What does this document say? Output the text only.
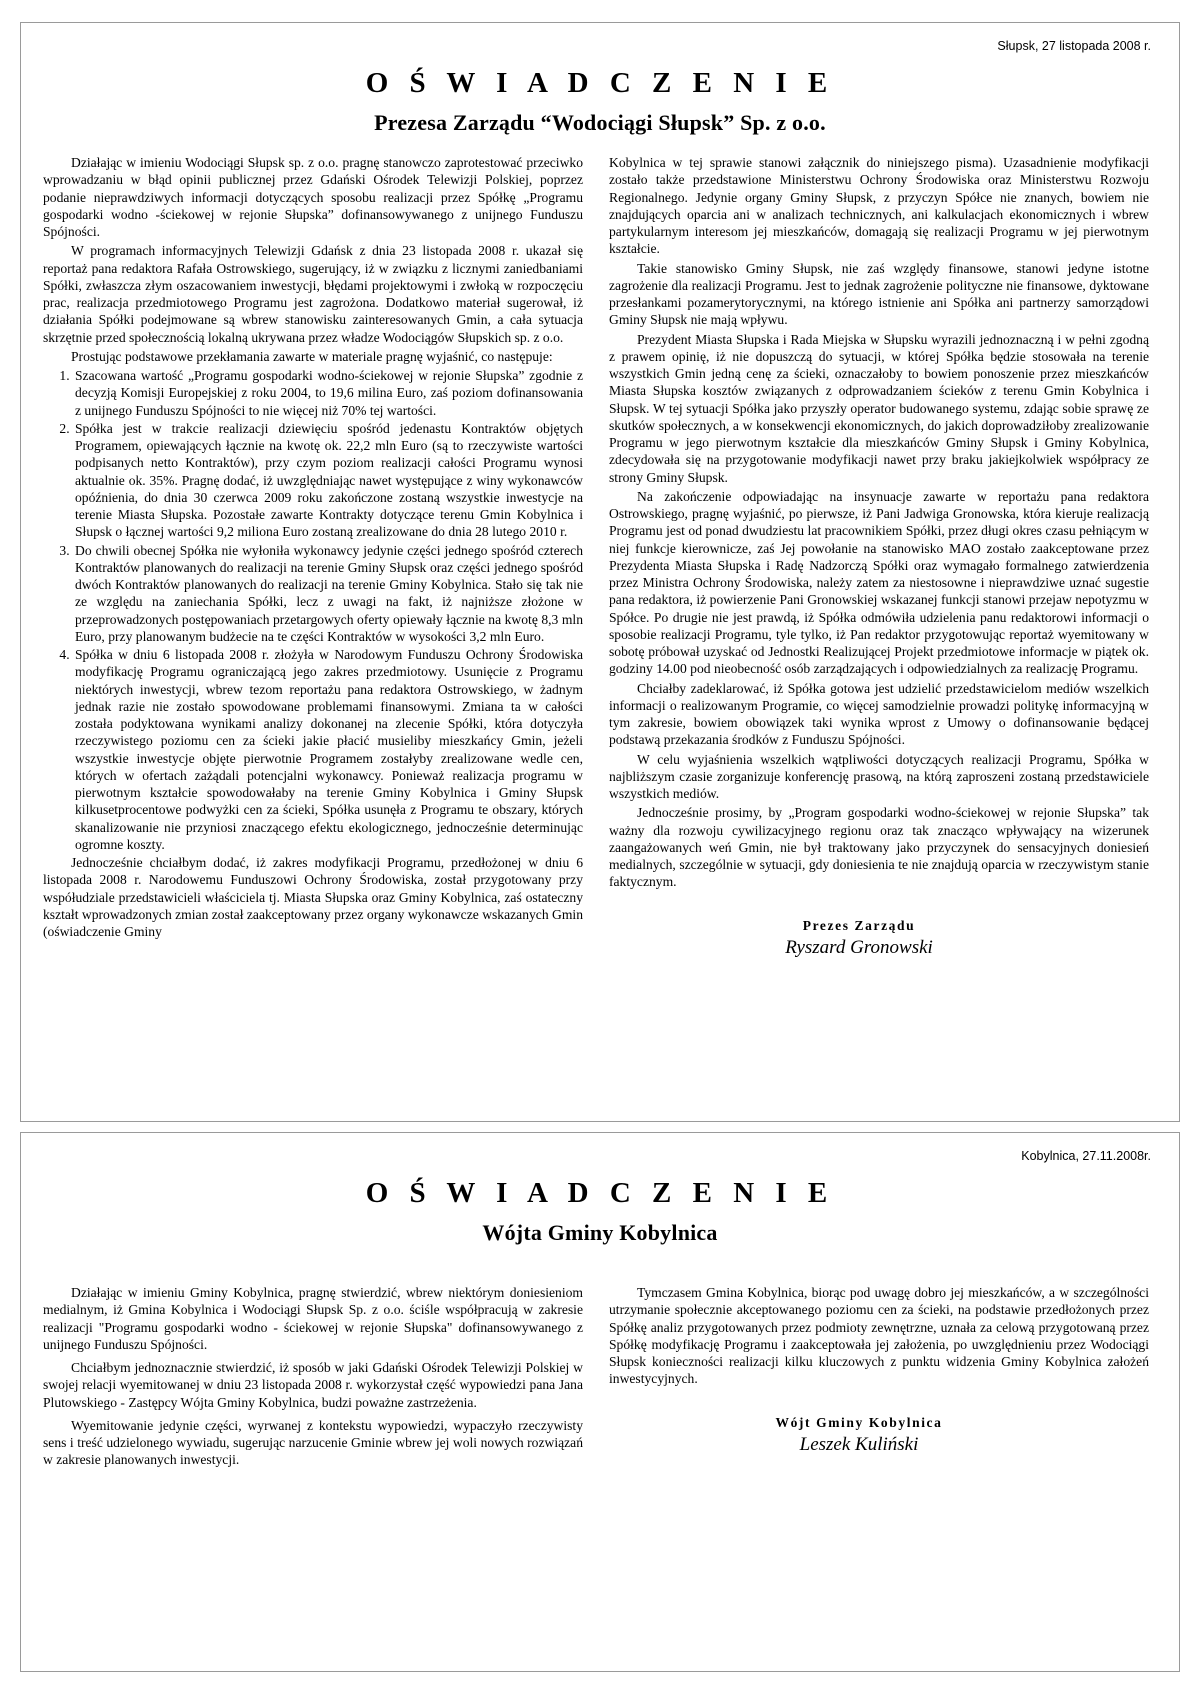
Słupsk, 27 listopada 2008 r.
O Ś W I A D C Z E N I E
Prezesa Zarządu “Wodociągi Słupsk” Sp. z o.o.

Działając w imieniu Wodociągi Słupsk sp. z o.o. pragnę stanowczo zaprotestować przeciwko wprowadzaniu w błąd opinii publicznej przez Gdański Ośrodek Telewizji Polskiej, poprzez podanie nieprawdziwych informacji dotyczących sposobu realizacji przez Spółkę „Programu gospodarki wodno -ściekowej w rejonie Słupska” dofinansowywanego z unijnego Funduszu Spójności.

W programach informacyjnych Telewizji Gdańsk z dnia 23 listopada 2008 r. ukazał się reportaż pana redaktora Rafała Ostrowskiego, sugerujący, iż w związku z licznymi zaniedbaniami Spółki, zwłaszcza złym oszacowaniem inwestycji, błędami projektowymi i zwłoką w rozpoczęciu prac, realizacja przedmiotowego Programu jest zagrożona. Dodatkowo materiał sugerował, iż działania Spółki podejmowane są wbrew stanowisku zainteresowanych Gmin, a cała sytuacja skrzętnie przed społecznością lokalną ukrywana przez władze Wodociągów Słupskich sp. z o.o.

Prostując podstawowe przekłamania zawarte w materiale pragnę wyjaśnić, co następuje:

1. Szacowana wartość „Programu gospodarki wodno-ściekowej w rejonie Słupska” zgodnie z decyzją Komisji Europejskiej z roku 2004, to 19,6 milina Euro, zaś poziom dofinansowania z unijnego Funduszu Spójności to nie więcej niż 70% tej wartości.
2. Spółka jest w trakcie realizacji dziewięciu spośród jedenastu Kontraktów objętych Programem, opiewających łącznie na kwotę ok. 22,2 mln Euro (są to rzeczywiste wartości podpisanych netto Kontraktów), przy czym poziom realizacji całości Programu wynosi aktualnie ok. 35%. Pragnę dodać, iż uwzględniając nawet występujące z winy wykonawców opóźnienia, do dnia 30 czerwca 2009 roku zakończone zostaną wszystkie inwestycje na terenie Miasta Słupska. Pozostałe zawarte Kontrakty dotyczące terenu Gmin Kobylnica i Słupsk o łącznej wartości 9,2 miliona Euro zostaną zrealizowane do dnia 28 lutego 2010 r.
3. Do chwili obecnej Spółka nie wyłoniła wykonawcy jedynie części jednego spośród czterech Kontraktów planowanych do realizacji na terenie Gminy Słupsk oraz części jednego spośród dwóch Kontraktów planowanych do realizacji na terenie Gminy Kobylnica. Stało się tak nie ze względu na zaniechania Spółki, lecz z uwagi na fakt, iż najniższe złożone w przeprowadzonych postępowaniach przetargowych oferty opiewały łącznie na kwotę 8,3 mln Euro, przy planowanym budżecie na te części Kontraktów w wysokości 3,2 mln Euro.
4. Spółka w dniu 6 listopada 2008 r. złożyła w Narodowym Funduszu Ochrony Środowiska modyfikację Programu ograniczającą jego zakres przedmiotowy. Usunięcie z Programu niektórych inwestycji, wbrew tezom reportażu pana redaktora Ostrowskiego, w żadnym jednak razie nie zostało spowodowane problemami finansowymi. Zmiana ta w całości została podyktowana wynikami analizy dokonanej na zlecenie Spółki, która dotyczyła rzeczywistego poziomu cen za ścieki jakie płacić musieliby mieszkańcy Gmin, jeżeli wszystkie inwestycje objęte pierwotnie Programem zostałyby zrealizowane wedle cen, których w ofertach zażądali potencjalni wykonawcy. Ponieważ realizacja programu w pierwotnym kształcie spowodowałaby na terenie Gminy Kobylnica i Gminy Słupsk kilkusetprocentowe podwyżki cen za ścieki, Spółka usunęła z Programu te obszary, których skanalizowanie nie przyniosi znaczącego efektu ekologicznego, jednocześnie determinując ogromne koszty.

Jednocześnie chciałbym dodać, iż zakres modyfikacji Programu, przedłożonej w dniu 6 listopada 2008 r. Narodowemu Funduszowi Ochrony Środowiska, został przygotowany przy współudziale przedstawicieli właściciela tj. Miasta Słupska oraz Gminy Kobylnica, zaś ostateczny kształt wprowadzonych zmian został zaakceptowany przez organy wykonawcze wskazanych Gmin (oświadczenie Gminy

Kobylnica w tej sprawie stanowi załącznik do niniejszego pisma). Uzasadnienie modyfikacji zostało także przedstawione Ministerstwu Ochrony Środowiska oraz Ministerstwu Rozwoju Regionalnego. Jedynie organy Gminy Słupsk, z przyczyn Spółce nie znanych, bowiem nie znajdujących oparcia ani w analizach technicznych, ani kalkulacjach ekonomicznych i wbrew partykularnym interesom jej mieszkańców, domagają się realizacji Programu w jej pierwotnym kształcie.

Takie stanowisko Gminy Słupsk, nie zaś względy finansowe, stanowi jedyne istotne zagrożenie dla realizacji Programu. Jest to jednak zagrożenie polityczne nie finansowe, dyktowane przesłankami pozamerytorycznymi, na którego istnienie ani Spółka ani partnerzy samorządowi Gminy Słupsk nie mają wpływu.

Prezydent Miasta Słupska i Rada Miejska w Słupsku wyrazili jednoznaczną i w pełni zgodną z prawem opinię, iż nie dopuszczą do sytuacji, w której Spółka będzie stosowała na terenie wszystkich Gmin jedną cenę za ścieki, oznaczałoby to bowiem ponoszenie przez mieszkańców Miasta Słupska kosztów związanych z odprowadzaniem ścieków z terenu Gmin Kobylnica i Słupsk. W tej sytuacji Spółka jako przyszły operator budowanego systemu, zdając sobie sprawę ze skutków społecznych, a w konsekwencji ekonomicznych, do jakich doprowadziłoby zrealizowanie Programu w jego pierwotnym kształcie dla mieszkańców Gminy Słupsk i Gminy Kobylnica, zdecydowała się na przygotowanie modyfikacji nawet przy braku jakiejkolwiek współpracy ze strony Gminy Słupsk.

Na zakończenie odpowiadając na insynuacje zawarte w reportażu pana redaktora Ostrowskiego, pragnę wyjaśnić, po pierwsze, iż Pani Jadwiga Gronowska, która kieruje realizacją Programu jest od ponad dwudziestu lat pracownikiem Spółki, przez długi okres czasu pełniącym w niej funkcje kierownicze, zaś Jej powołanie na stanowisko MAO zostało zaakceptowane przez Prezydenta Miasta Słupska i Radę Nadzorczą Spółki oraz wymagało formalnego zatwierdzenia przez Ministra Ochrony Środowiska, należy zatem za niestosowne i nieprawdziwe uznać sugestie pana redaktora, iż powierzenie Pani Gronowskiej wskazanej funkcji stanowi przejaw nepotyzmu w Spółce. Po drugie nie jest prawdą, iż Spółka odmówiła udzielenia panu redaktorowi informacji o sposobie realizacji Programu, tyle tylko, iż Pan redaktor przygotowując reportaż wyemitowany w sobotę próbował uzyskać od Jednostki Realizującej Projekt przedmiotowe informacje w piątek ok. godziny 14.00 pod nieobecność osób zarządzających i odpowiedzialnych za realizację Programu.

Chciałby zadeklarować, iż Spółka gotowa jest udzielić przedstawicielom mediów wszelkich informacji o realizowanym Programie, co więcej samodzielnie prowadzi politykę informacyjną w tym zakresie, bowiem obowiązek taki wynika wprost z Umowy o dofinansowanie będącej podstawą przekazania środków z Funduszu Spójności.

W celu wyjaśnienia wszelkich wątpliwości dotyczących realizacji Programu, Spółka w najbliższym czasie zorganizuje konferencję prasową, na którą zaproszeni zostaną przedstawiciele wszystkich mediów.

Jednocześnie prosimy, by „Program gospodarki wodno-ściekowej w rejonie Słupska” tak ważny dla rozwoju cywilizacyjnego regionu oraz tak znacząco wpływający na wizerunek zaangażowanych weń Gmin, nie był traktowany jako przyczynek do sensacyjnych doniesień medialnych, szczególnie w sytuacji, gdy doniesienia te nie znajdują oparcia w rzeczywistym stanie faktycznym.

Prezes Zarządu
Ryszard Gronowski
Kobylnica, 27.11.2008r.
O Ś W I A D C Z E N I E
Wójta Gminy Kobylnica

Działając w imieniu Gminy Kobylnica, pragnę stwierdzić, wbrew niektórym doniesieniom medialnym, iż Gmina Kobylnica i Wodociągi Słupsk Sp. z o.o. ściśle współpracują w zakresie realizacji "Programu gospodarki wodno - ściekowej w rejonie Słupska" dofinansowywanego z unijnego Funduszu Spójności.

Chciałbym jednoznacznie stwierdzić, iż sposób w jaki Gdański Ośrodek Telewizji Polskiej w swojej relacji wyemitowanej w dniu 23 listopada 2008 r. wykorzystał część wypowiedzi pana Jana Plutowskiego - Zastępcy Wójta Gminy Kobylnica, budzi poważne zastrzeżenia.

Wyemitowanie jedynie części, wyrwanej z kontekstu wypowiedzi, wypaczyło rzeczywisty sens i treść udzielonego wywiadu, sugerując narzucenie Gminie wbrew jej woli nowych rozwiązań w zakresie planowanych inwestycji.

Tymczasem Gmina Kobylnica, biorąc pod uwagę dobro jej mieszkańców, a w szczególności utrzymanie społecznie akceptowanego poziomu cen za ścieki, na podstawie przedłożonych przez Spółkę analiz przygotowanych przez podmioty zewnętrzne, uznała za celową przygotowaną przez Spółkę modyfikację Programu i zaakceptowała jej założenia, po uwzględnieniu przez Wodociągi Słupsk konieczności realizacji kilku kluczowych z punktu widzenia Gminy Kobylnica założeń inwestycyjnych.

Wójt Gminy Kobylnica
Leszek Kuliński
